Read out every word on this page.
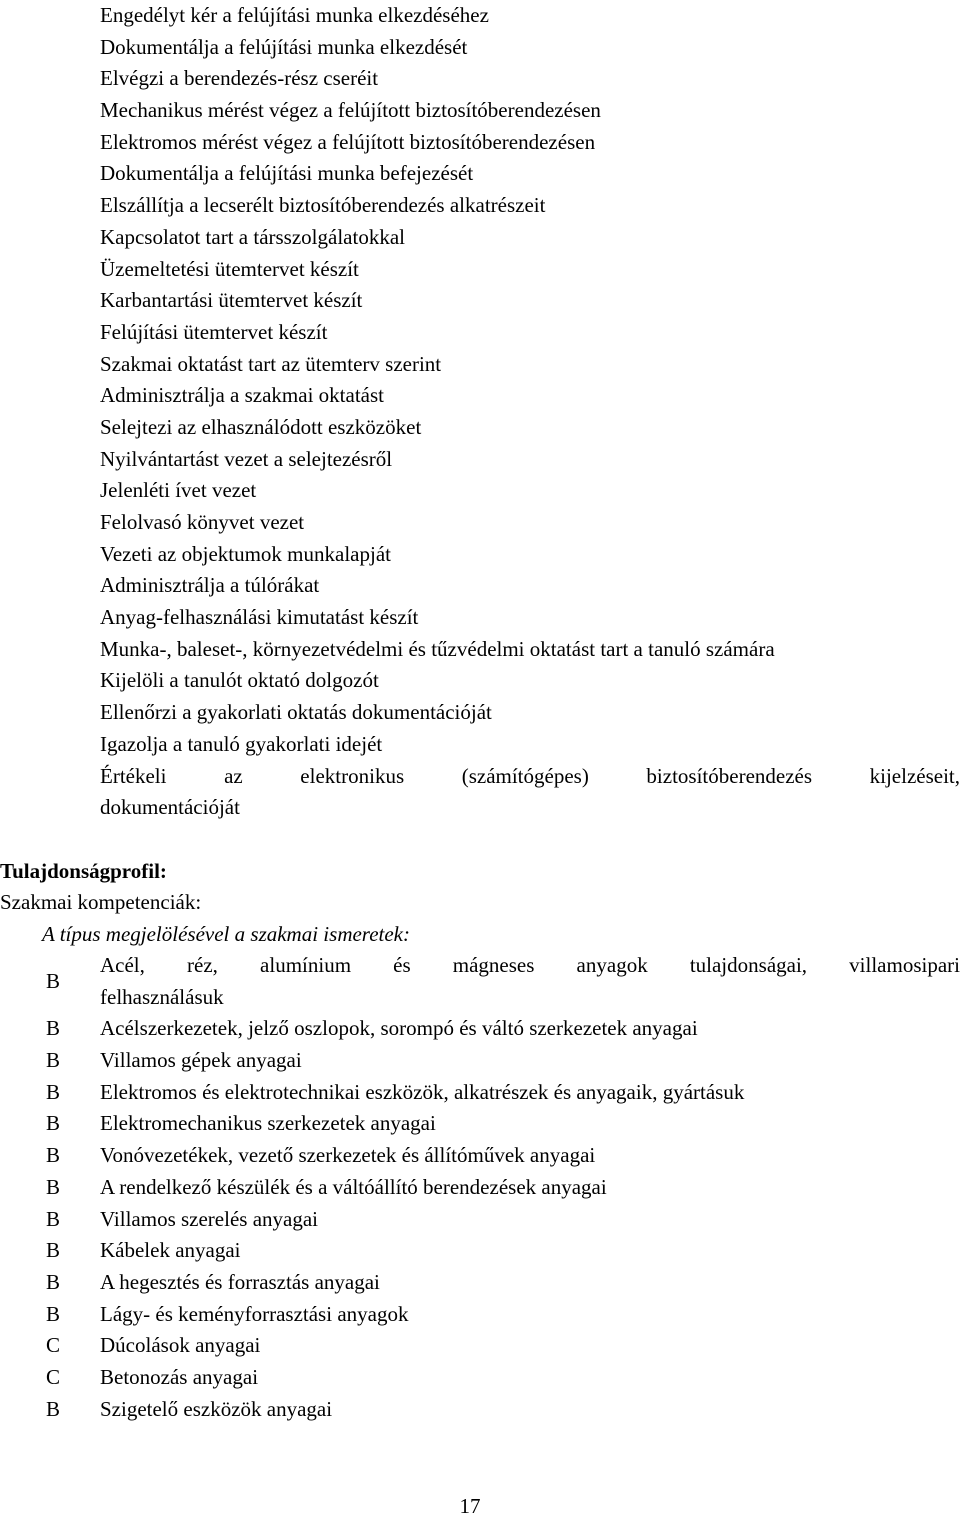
Engedélyt kér a felújítási munka elkezdéséhez
Dokumentálja a felújítási munka elkezdését
Elvégzi a berendezés-rész cseréit
Mechanikus mérést végez a felújított biztosítóberendezésen
Elektromos mérést végez a felújított biztosítóberendezésen
Dokumentálja a felújítási munka befejezését
Elszállítja a lecserélt biztosítóberendezés alkatrészeit
Kapcsolatot tart a társszolgálatokkal
Üzemeltetési ütemtervet készít
Karbantartási ütemtervet készít
Felújítási ütemtervet készít
Szakmai oktatást tart az ütemterv szerint
Adminisztrálja a szakmai oktatást
Selejtezi az elhasználódott eszközöket
Nyilvántartást vezet a selejtezésről
Jelenléti ívet vezet
Felolvasó könyvet vezet
Vezeti az objektumok munkalapját
Adminisztrálja a túlórákat
Anyag-felhasználási kimutatást készít
Munka-, baleset-, környezetvédelmi és tűzvédelmi oktatást tart a tanuló számára
Kijelöli a tanulót oktató dolgozót
Ellenőrzi a gyakorlati oktatás dokumentációját
Igazolja a tanuló gyakorlati idejét
Értékeli az elektronikus (számítógépes) biztosítóberendezés kijelzéseit,
dokumentációját
Tulajdonságprofil:
Szakmai kompetenciák:
A típus megjelölésével a szakmai ismeretek:
B
Acél, réz, alumínium és mágneses anyagok tulajdonságai, villamosipari
felhasználásuk
B Acélszerkezetek, jelző oszlopok, sorompó és váltó szerkezetek anyagai
B Villamos gépek anyagai
B Elektromos és elektrotechnikai eszközök, alkatrészek és anyagaik, gyártásuk
B Elektromechanikus szerkezetek anyagai
B Vonóvezetékek, vezető szerkezetek és állítóművek anyagai
B A rendelkező készülék és a váltóállító berendezések anyagai
B Villamos szerelés anyagai
B Kábelek anyagai
B A hegesztés és forrasztás anyagai
B Lágy- és keményforrasztási anyagok
C Dúcolások anyagai
C Betonozás anyagai
B Szigetelő eszközök anyagai
17
